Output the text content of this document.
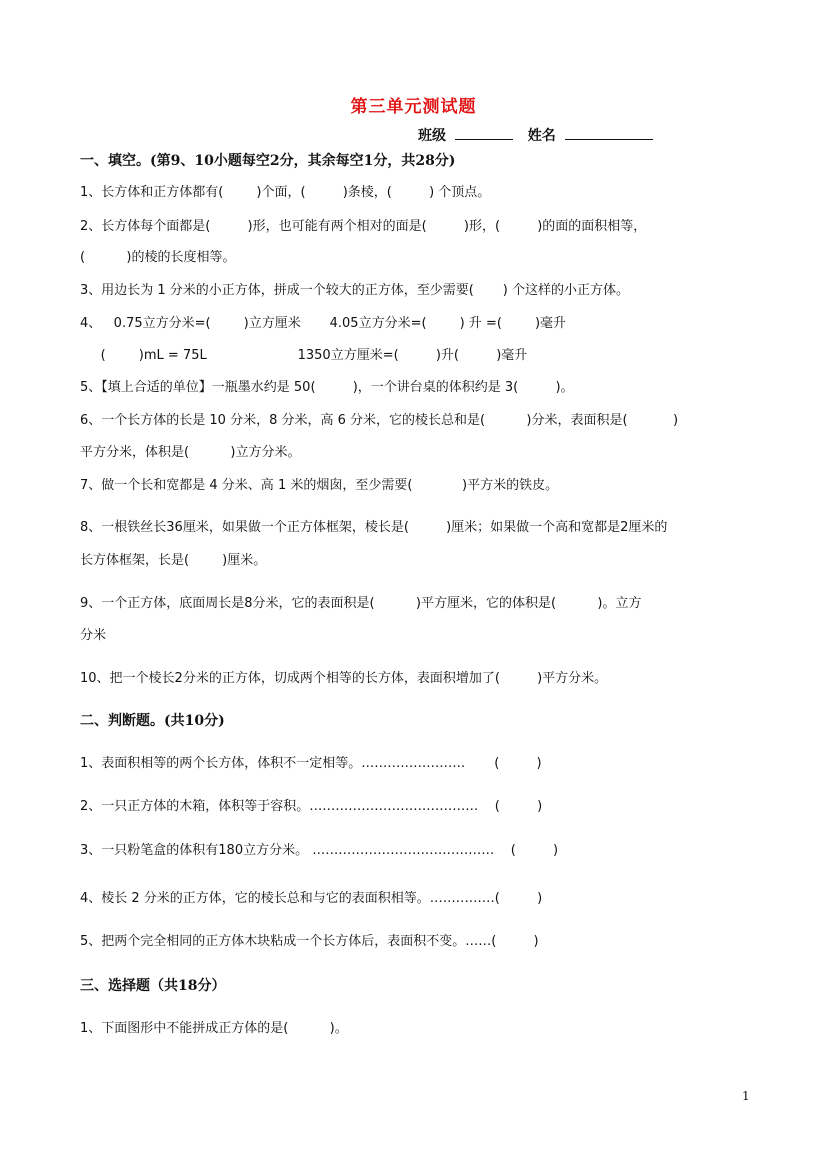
第三单元测试题
班级	姓名
一、填空。(第9、10小题每空2分，其余每空1分，共28分)
1、长方体和正方体都有(        )个面，(         )条棱，(         ) 个顶点。
2、长方体每个面都是(         )形，也可能有两个相对的面是(         )形，(         )的面的面积相等，
(          )的棱的长度相等。
3、用边长为 1 分米的小正方体，拼成一个较大的正方体，至少需要(       ) 个这样的小正方体。
4、   0.75立方分米=(        )立方厘米       4.05立方分米=(        ) 升 =(        )毫升
(        )mL = 75L                      1350立方厘米=(         )升(         )毫升
5、【填上合适的单位】一瓶墨水约是 50(         )，一个讲台桌的体积约是 3(         )。
6、一个长方体的长是 10 分米，8 分米，高 6 分米，它的棱长总和是(          )分米，表面积是(           )
平方分米，体积是(          )立方分米。
7、做一个长和宽都是 4 分米、高 1 米的烟囱，至少需要(            )平方米的铁皮。
8、一根铁丝长36厘米，如果做一个正方体框架，棱长是(         )厘米；如果做一个高和宽都是2厘米的
长方体框架，长是(        )厘米。
9、一个正方体，底面周长是8分米，它的表面积是(          )平方厘米，它的体积是(          )。立方
分米
10、把一个棱长2分米的正方体，切成两个相等的长方体，表面积增加了(         )平方分米。
二、判断题。(共10分)
1、表面积相等的两个长方体，体积不一定相等。……………………       (         )
2、一只正方体的木箱，体积等于容积。…………………………………    (         )
3、一只粉笔盒的体积有180立方分米。 ……………………………………    (         )
4、棱长 2 分米的正方体，它的棱长总和与它的表面积相等。……………(         )
5、把两个完全相同的正方体木块粘成一个长方体后，表面积不变。……(         )
三、选择题（共18分）
1、下面图形中不能拼成正方体的是(          )。
1
